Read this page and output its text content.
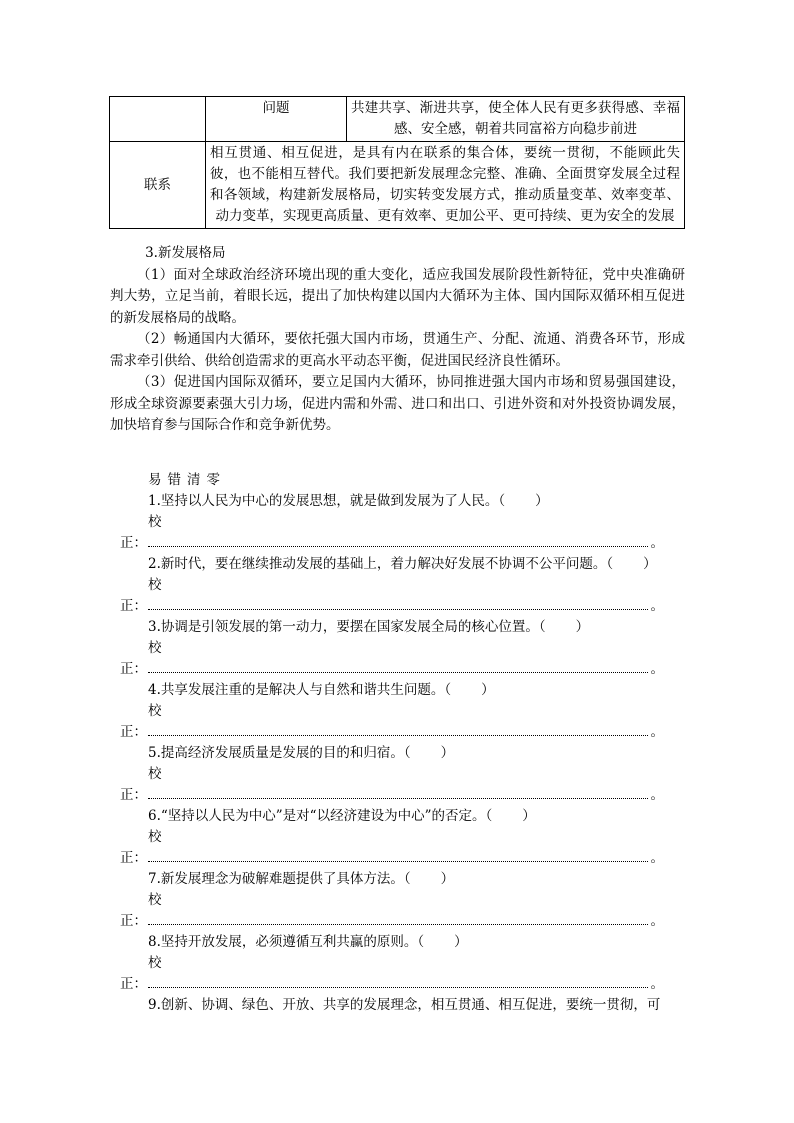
	问题	共建共享、渐进共享，使全体人民有更多获得感、幸福感、安全感，朝着共同富裕方向稳步前进
联系	相互贯通、相互促进，是具有内在联系的集合体，要统一贯彻，不能顾此失彼，也不能相互替代。我们要把新发展理念完整、准确、全面贯穿发展全过程和各领域，构建新发展格局，切实转变发展方式，推动质量变革、效率变革、动力变革，实现更高质量、更有效率、更加公平、更可持续、更为安全的发展	

3.新发展格局

（1）面对全球政治经济环境出现的重大变化，适应我国发展阶段性新特征，党中央准确研判大势，立足当前，着眼长远，提出了加快构建以国内大循环为主体、国内国际双循环相互促进的新发展格局的战略。

（2）畅通国内大循环，要依托强大国内市场，贯通生产、分配、流通、消费各环节，形成需求牵引供给、供给创造需求的更高水平动态平衡，促进国民经济良性循环。

（3）促进国内国际双循环，要立足国内大循环，协同推进强大国内市场和贸易强国建设，形成全球资源要素强大引力场，促进内需和外需、进口和出口、引进外资和对外投资协调发展，加快培育参与国际合作和竞争新优势。

易错清零
1.坚持以人民为中心的发展思想，就是做到发展为了人民。（ ）
校
正：	。
2.新时代，要在继续推动发展的基础上，着力解决好发展不协调不公平问题。（ ）
校
正：	。
3.协调是引领发展的第一动力，要摆在国家发展全局的核心位置。（ ）
校
正：	。
4.共享发展注重的是解决人与自然和谐共生问题。（ ）
校
正：	。
5.提高经济发展质量是发展的目的和归宿。（ ）
校
正：	。
6.“坚持以人民为中心”是对“以经济建设为中心”的否定。（ ）
校
正：	。
7.新发展理念为破解难题提供了具体方法。（ ）
校
正：	。
8.坚持开放发展，必须遵循互利共赢的原则。（ ）
校
正：	。
9.创新、协调、绿色、开放、共享的发展理念，相互贯通、相互促进，要统一贯彻，可
